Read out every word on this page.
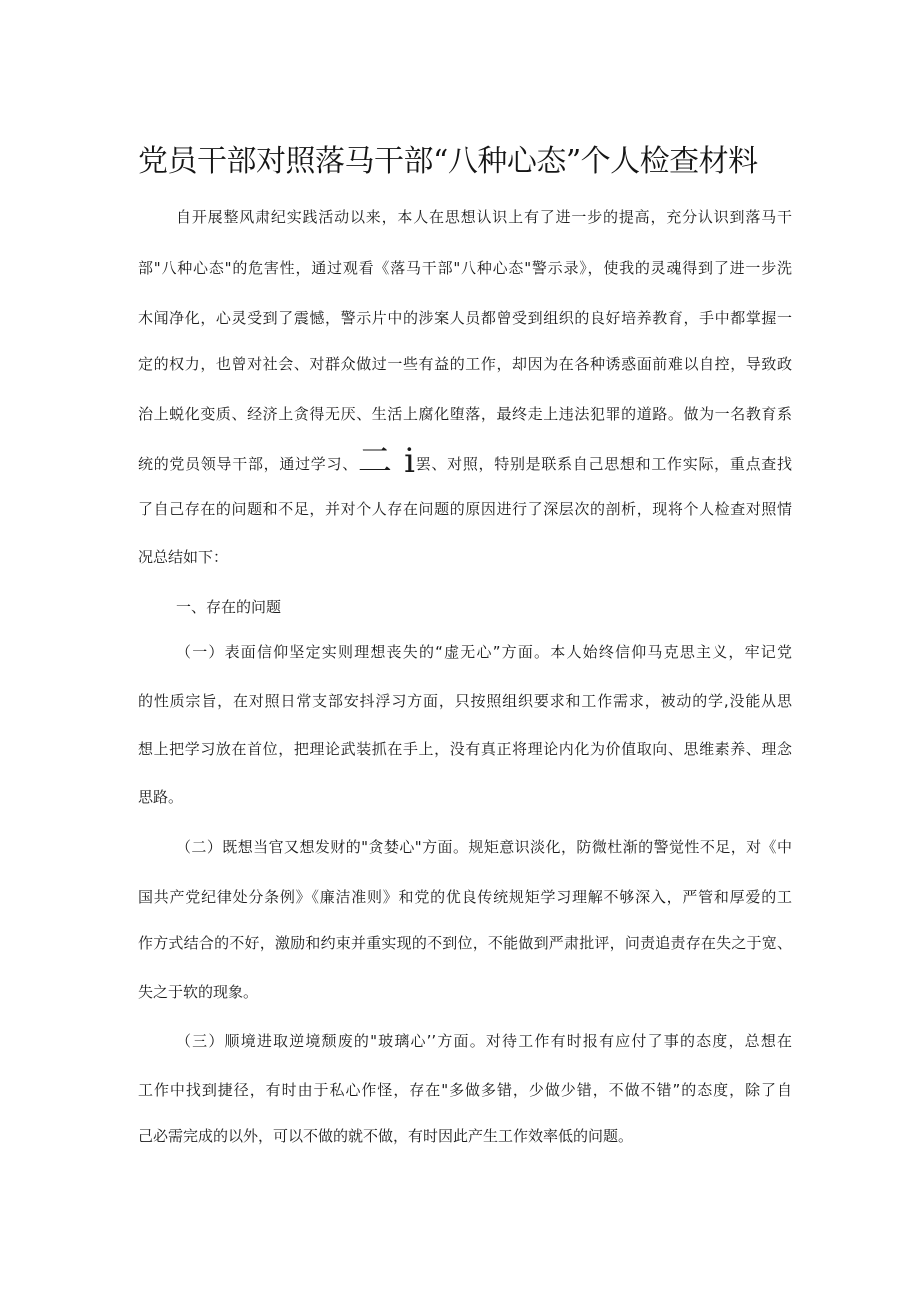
党员干部对照落马干部“八种心态”个人检查材料
自开展整风肃纪实践活动以来，本人在思想认识上有了进一步的提高，充分认识到落马干
部"八种心态"的危害性，通过观看《落马干部"八种心态"警示录》，使我的灵魂得到了进一步洗
木闻净化，心灵受到了震憾，警示片中的涉案人员都曾受到组织的良好培养教育，手中都掌握一
定的权力，也曾对社会、对群众做过一些有益的工作，却因为在各种诱惑面前难以自控，导致政
治上蜕化变质、经济上贪得无厌、生活上腐化堕落，最终走上违法犯罪的道路。做为一名教育系
统的党员领导干部，通过学习、二 i罢、对照，特别是联系自己思想和工作实际，重点查找
了自己存在的问题和不足，并对个人存在问题的原因进行了深层次的剖析，现将个人检查对照情
况总结如下：
一、存在的问题
（一）表面信仰坚定实则理想丧失的“虚无心”方面。本人始终信仰马克思主义，牢记党
的性质宗旨，在对照日常支部安抖浮习方面，只按照组织要求和工作需求，被动的学,没能从思
想上把学习放在首位，把理论武装抓在手上，没有真正将理论内化为价值取向、思维素养、理念
思路。
（二）既想当官又想发财的"贪婪心"方面。规矩意识淡化，防微杜渐的警觉性不足，对《中
国共产党纪律处分条例》《廉洁准则》和党的优良传统规矩学习理解不够深入，严管和厚爱的工
作方式结合的不好，激励和约束并重实现的不到位，不能做到严肃批评，问责追责存在失之于宽、
失之于软的现象。
（三）顺境进取逆境颓废的"玻璃心’’方面。对待工作有时报有应付了事的态度，总想在
工作中找到捷径，有时由于私心作怪，存在"多做多错，少做少错，不做不错”的态度，除了自
己必需完成的以外，可以不做的就不做，有时因此产生工作效率低的问题。
